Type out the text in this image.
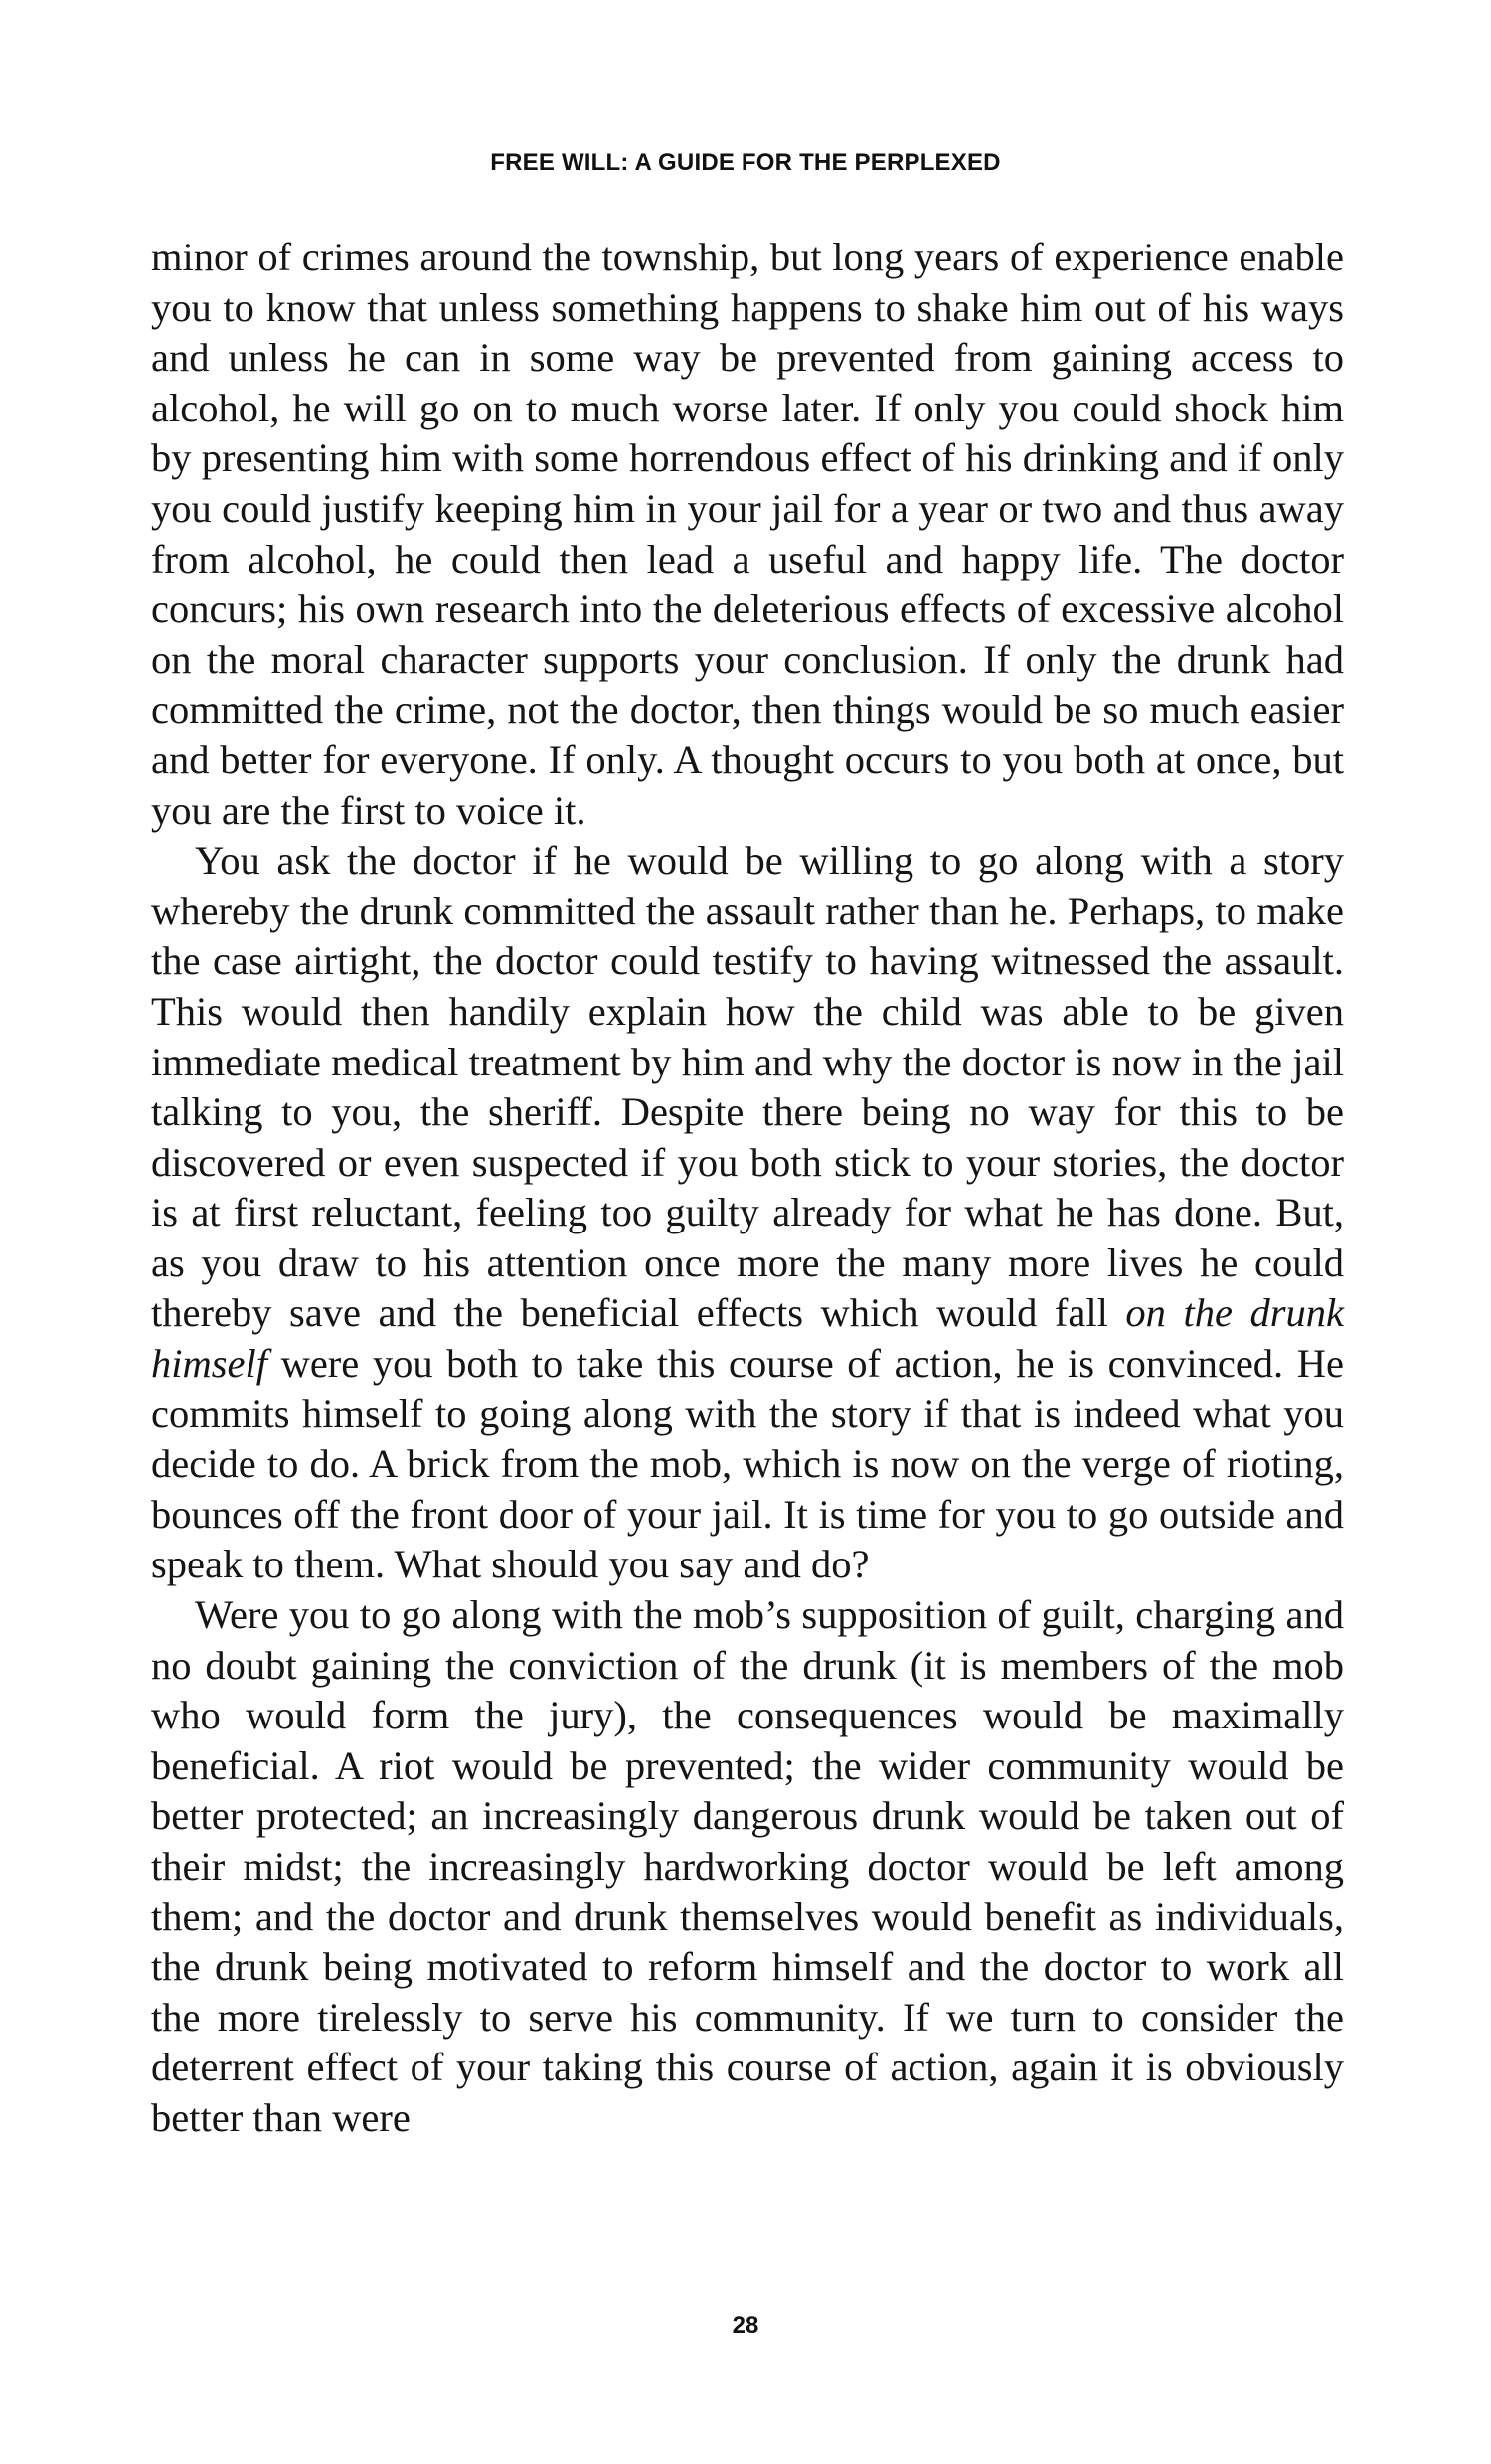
FREE WILL: A GUIDE FOR THE PERPLEXED

minor of crimes around the township, but long years of experience enable you to know that unless something happens to shake him out of his ways and unless he can in some way be prevented from gaining access to alcohol, he will go on to much worse later. If only you could shock him by presenting him with some horrendous effect of his drinking and if only you could justify keeping him in your jail for a year or two and thus away from alcohol, he could then lead a useful and happy life. The doctor concurs; his own research into the deleterious effects of excessive alcohol on the moral character supports your conclusion. If only the drunk had committed the crime, not the doctor, then things would be so much easier and better for everyone. If only. A thought occurs to you both at once, but you are the first to voice it.

You ask the doctor if he would be willing to go along with a story whereby the drunk committed the assault rather than he. Perhaps, to make the case airtight, the doctor could testify to having witnessed the assault. This would then handily explain how the child was able to be given immediate medical treatment by him and why the doctor is now in the jail talking to you, the sheriff. Despite there being no way for this to be discovered or even suspected if you both stick to your stories, the doctor is at first reluctant, feeling too guilty already for what he has done. But, as you draw to his attention once more the many more lives he could thereby save and the beneficial effects which would fall on the drunk himself were you both to take this course of action, he is convinced. He commits himself to going along with the story if that is indeed what you decide to do. A brick from the mob, which is now on the verge of rioting, bounces off the front door of your jail. It is time for you to go outside and speak to them. What should you say and do?

Were you to go along with the mob’s supposition of guilt, charging and no doubt gaining the conviction of the drunk (it is members of the mob who would form the jury), the consequences would be maximally beneficial. A riot would be prevented; the wider community would be better protected; an increasingly dangerous drunk would be taken out of their midst; the increasingly hardworking doctor would be left among them; and the doctor and drunk themselves would benefit as individuals, the drunk being motivated to reform himself and the doctor to work all the more tirelessly to serve his community. If we turn to consider the deterrent effect of your taking this course of action, again it is obviously better than were

28
